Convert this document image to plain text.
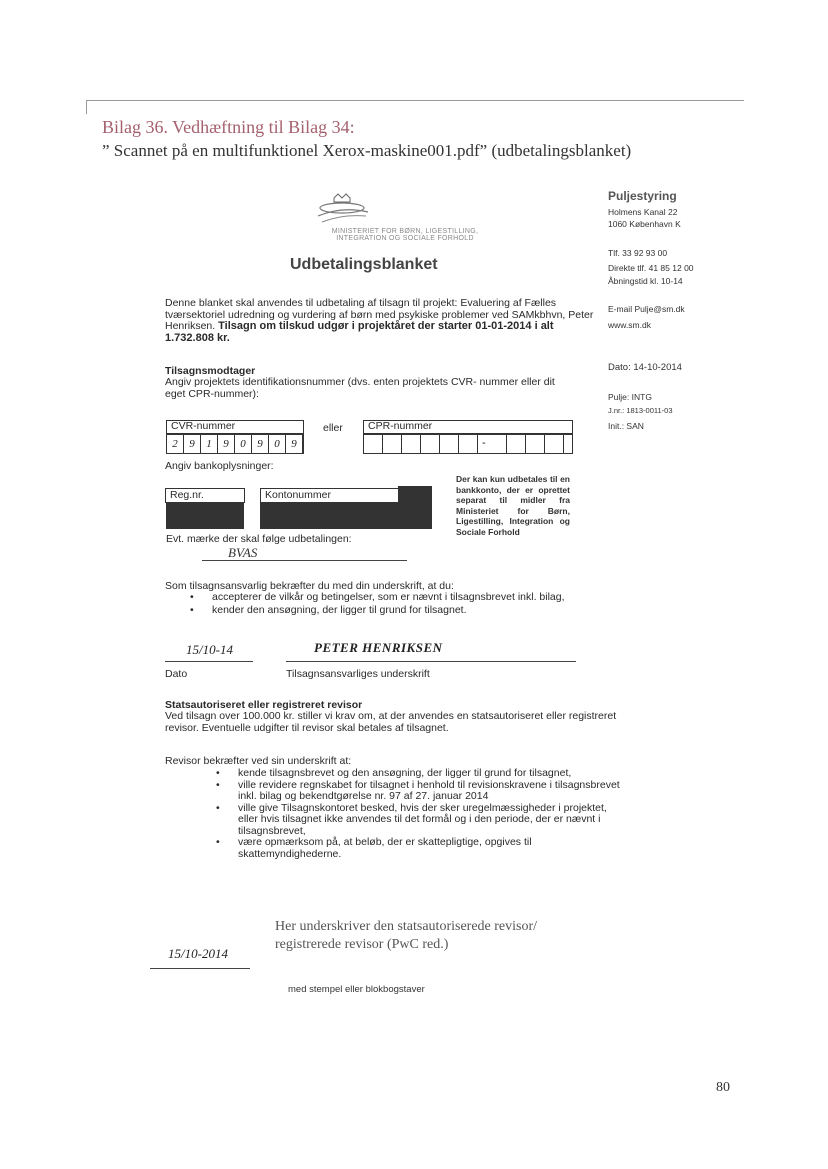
Bilag 36. Vedhæftning til Bilag 34:
” Scannet på en multifunktionel Xerox-maskine001.pdf” (udbetalingsblanket)
MINISTERIET FOR BØRN, LIGESTILLING,
INTEGRATION OG SOCIALE FORHOLD
Udbetalingsblanket
Denne blanket skal anvendes til udbetaling af tilsagn til projekt: Evaluering af Fælles tværsektoriel udredning og vurdering af børn med psykiske problemer ved SAMkbhvn, Peter Henriksen. Tilsagn om tilskud udgør i projektåret der starter 01-01-2014 i alt 1.732.808 kr.
Tilsagnsmodtager
Angiv projektets identifikationsnummer (dvs. enten projektets CVR- nummer eller dit eget CPR-nummer):
CVR-nummer
2	9	1	9	0	9	0	9
eller CPR-nummer
-
Angiv bankoplysninger:
Reg.nr.	Kontonummer
Der kan kun udbetales til en bankkonto, der er oprettet separat til midler fra Ministeriet for Børn, Ligestilling, Integration og Sociale Forhold
Evt. mærke der skal følge udbetalingen:
BVAS
Som tilsagnsansvarlig bekræfter du med din underskrift, at du:
• accepterer de vilkår og betingelser, som er nævnt i tilsagnsbrevet inkl. bilag,
• kender den ansøgning, der ligger til grund for tilsagnet.
15/10-14	PETER HENRIKSEN
Dato	Tilsagnsansvarliges underskrift
Statsautoriseret eller registreret revisor
Ved tilsagn over 100.000 kr. stiller vi krav om, at der anvendes en statsautoriseret eller registreret revisor. Eventuelle udgifter til revisor skal betales af tilsagnet.
Revisor bekræfter ved sin underskrift at:
• kende tilsagnsbrevet og den ansøgning, der ligger til grund for tilsagnet,
• ville revidere regnskabet for tilsagnet i henhold til revisionskravene i tilsagnsbrevet inkl. bilag og bekendtgørelse nr. 97 af 27. januar 2014
• ville give Tilsagnskontoret besked, hvis der sker uregelmæssigheder i projektet, eller hvis tilsagnet ikke anvendes til det formål og i den periode, der er nævnt i tilsagnsbrevet,
• være opmærksom på, at beløb, der er skattepligtige, opgives til skattemyndighederne.
Her underskriver den statsautoriserede revisor/ registrerede revisor (PwC red.)
15/10-2014
med stempel eller blokbogstaver
Puljestyring
Holmens Kanal 22
1060 København K
Tlf. 33 92 93 00
Direkte tlf. 41 85 12 00
Åbningstid kl. 10-14
E-mail Pulje@sm.dk
www.sm.dk
Dato: 14-10-2014
Pulje: INTG
J.nr.: 1813-0011-03
Init.: SAN
80
